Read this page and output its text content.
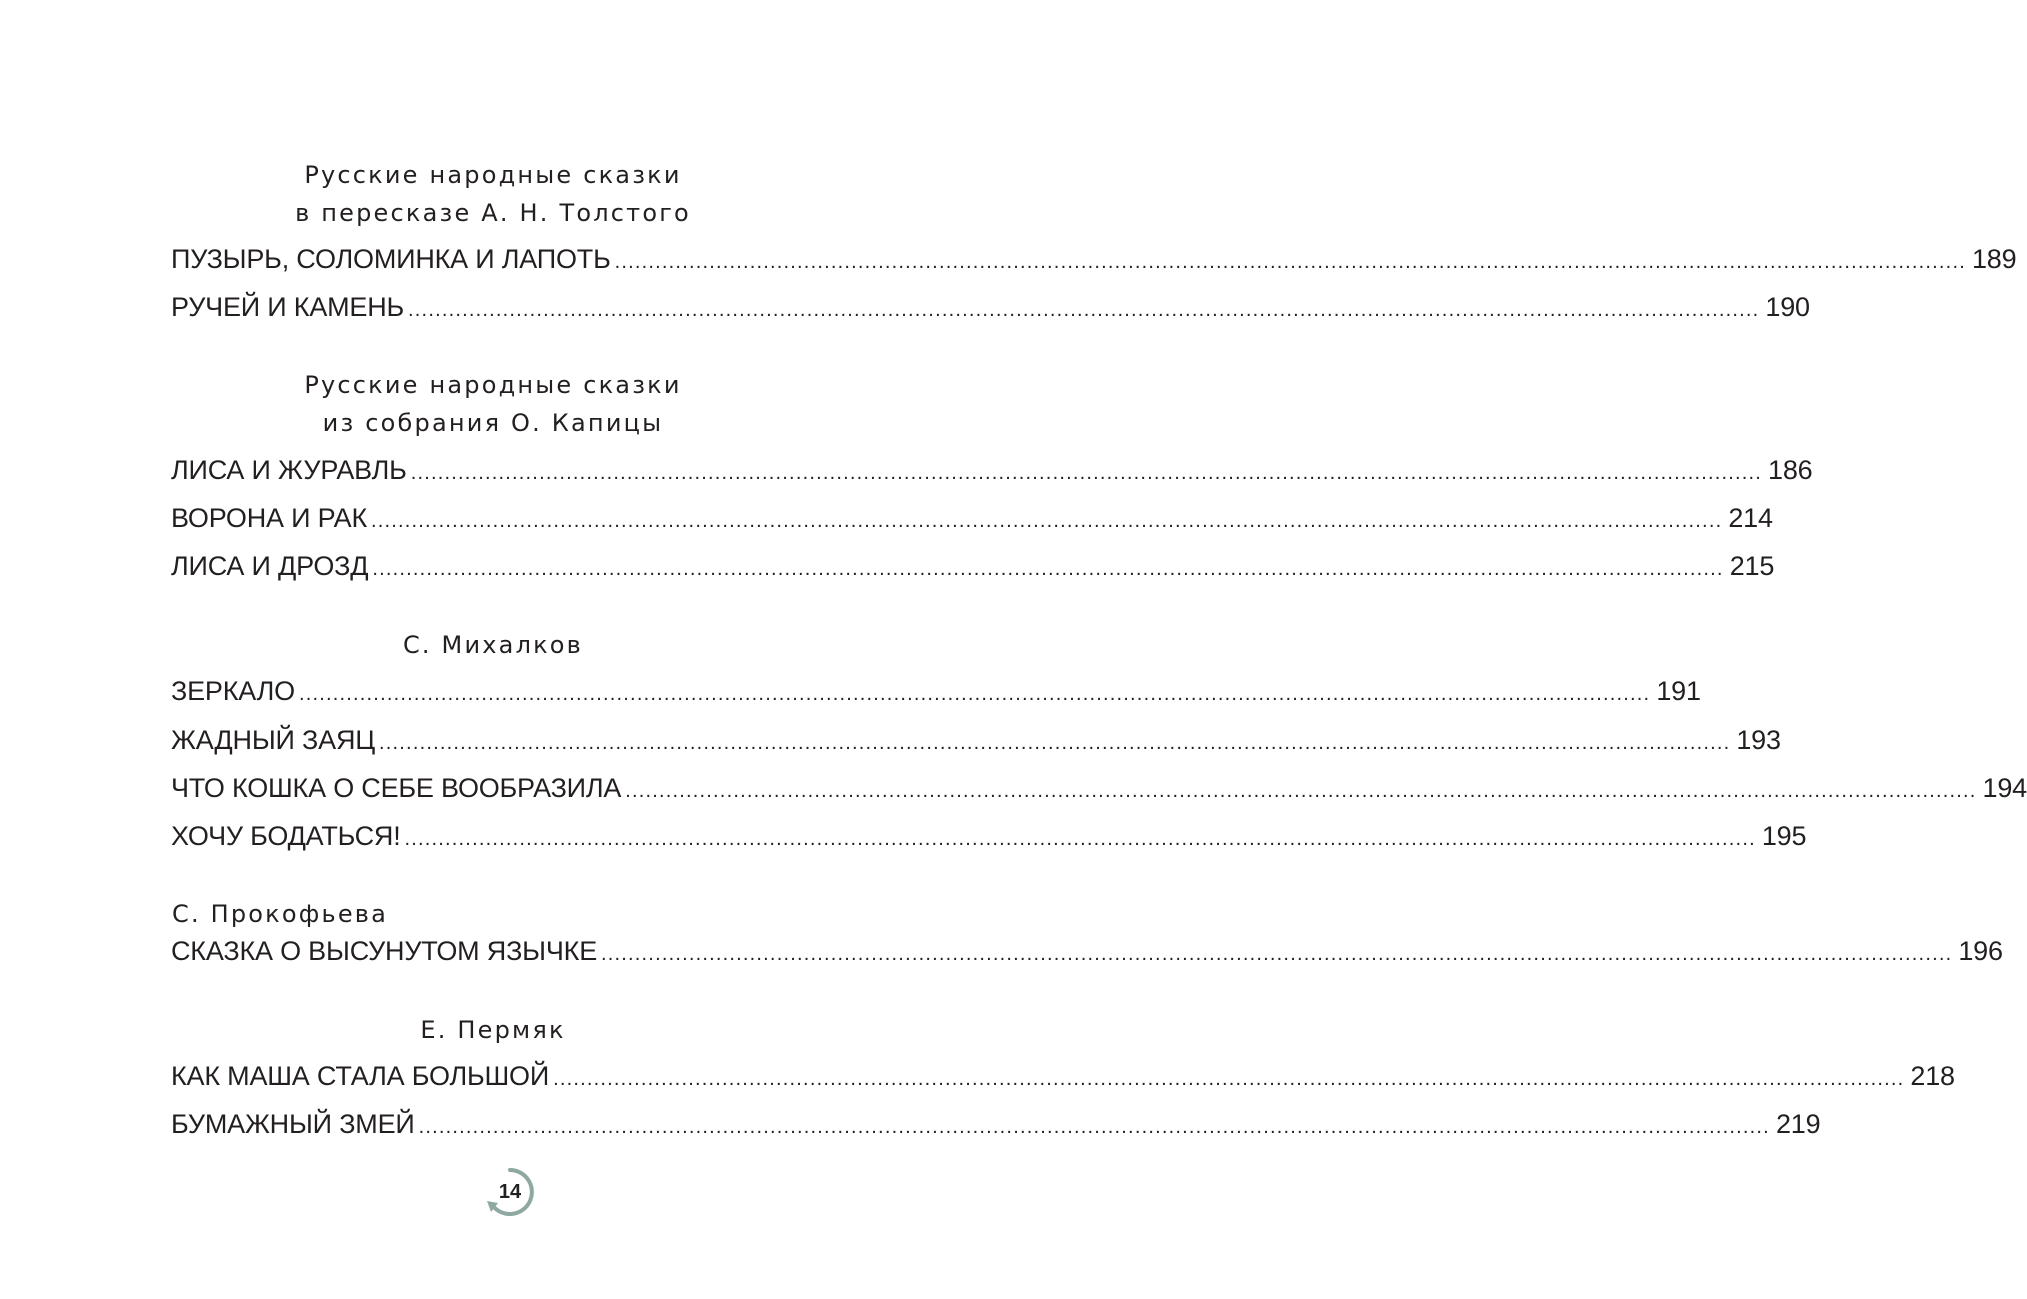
Русские народные сказки
в пересказе А. Н. Толстого
ПУЗЫРЬ, СОЛОМИНКА И ЛАПОТЬ ........................................................................................................................................................................................................ 189
РУЧЕЙ И КАМЕНЬ ........................................................................................................................................................................................................ 190
Русские народные сказки
из собрания О. Капицы
ЛИСА И ЖУРАВЛЬ ........................................................................................................................................................................................................ 186
ВОРОНА И РАК ........................................................................................................................................................................................................ 214
ЛИСА И ДРОЗД ........................................................................................................................................................................................................ 215
С. Михалков
ЗЕРКАЛО ........................................................................................................................................................................................................ 191
ЖАДНЫЙ ЗАЯЦ ........................................................................................................................................................................................................ 193
ЧТО КОШКА О СЕБЕ ВООБРАЗИЛА ........................................................................................................................................................................................................ 194
ХОЧУ БОДАТЬСЯ! ........................................................................................................................................................................................................ 195
С. Прокофьева
СКАЗКА О ВЫСУНУТОМ ЯЗЫЧКЕ ........................................................................................................................................................................................................ 196
Е. Пермяк
КАК МАША СТАЛА БОЛЬШОЙ ........................................................................................................................................................................................................ 218
БУМАЖНЫЙ ЗМЕЙ ........................................................................................................................................................................................................ 219
14
